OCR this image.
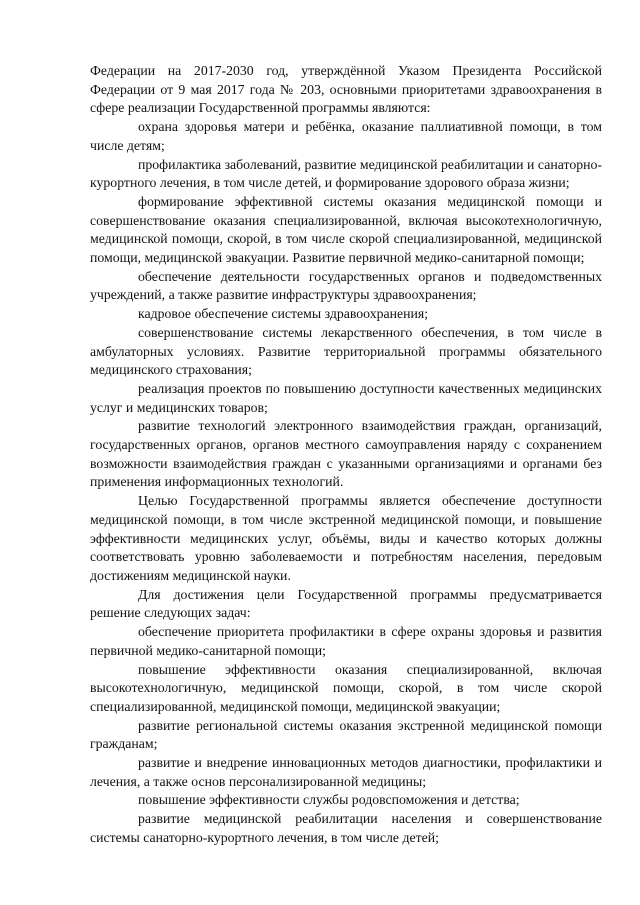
Федерации на 2017-2030 год, утверждённой Указом Президента Российской Федерации от 9 мая 2017 года № 203, основными приоритетами здравоохранения в сфере реализации Государственной программы являются:

охрана здоровья матери и ребёнка, оказание паллиативной помощи, в том числе детям;

профилактика заболеваний, развитие медицинской реабилитации и санаторно-курортного лечения, в том числе детей, и формирование здорового образа жизни;

формирование эффективной системы оказания медицинской помощи и совершенствование оказания специализированной, включая высокотехнологичную, медицинской помощи, скорой, в том числе скорой специализированной, медицинской помощи, медицинской эвакуации. Развитие первичной медико-санитарной помощи;

обеспечение деятельности государственных органов и подведомственных учреждений, а также развитие инфраструктуры здравоохранения;

кадровое обеспечение системы здравоохранения;

совершенствование системы лекарственного обеспечения, в том числе в амбулаторных условиях. Развитие территориальной программы обязательного медицинского страхования;

реализация проектов по повышению доступности качественных медицинских услуг и медицинских товаров;

развитие технологий электронного взаимодействия граждан, организаций, государственных органов, органов местного самоуправления наряду с сохранением возможности взаимодействия граждан с указанными организациями и органами без применения информационных технологий.

Целью Государственной программы является обеспечение доступности медицинской помощи, в том числе экстренной медицинской помощи, и повышение эффективности медицинских услуг, объёмы, виды и качество которых должны соответствовать уровню заболеваемости и потребностям населения, передовым достижениям медицинской науки.

Для достижения цели Государственной программы предусматривается решение следующих задач:

обеспечение приоритета профилактики в сфере охраны здоровья и развития первичной медико-санитарной помощи;

повышение эффективности оказания специализированной, включая высокотехнологичную, медицинской помощи, скорой, в том числе скорой специализированной, медицинской помощи, медицинской эвакуации;

развитие региональной системы оказания экстренной медицинской помощи гражданам;

развитие и внедрение инновационных методов диагностики, профилактики и лечения, а также основ персонализированной медицины;

повышение эффективности службы родовспоможения и детства;

развитие медицинской реабилитации населения и совершенствование системы санаторно-курортного лечения, в том числе детей;
